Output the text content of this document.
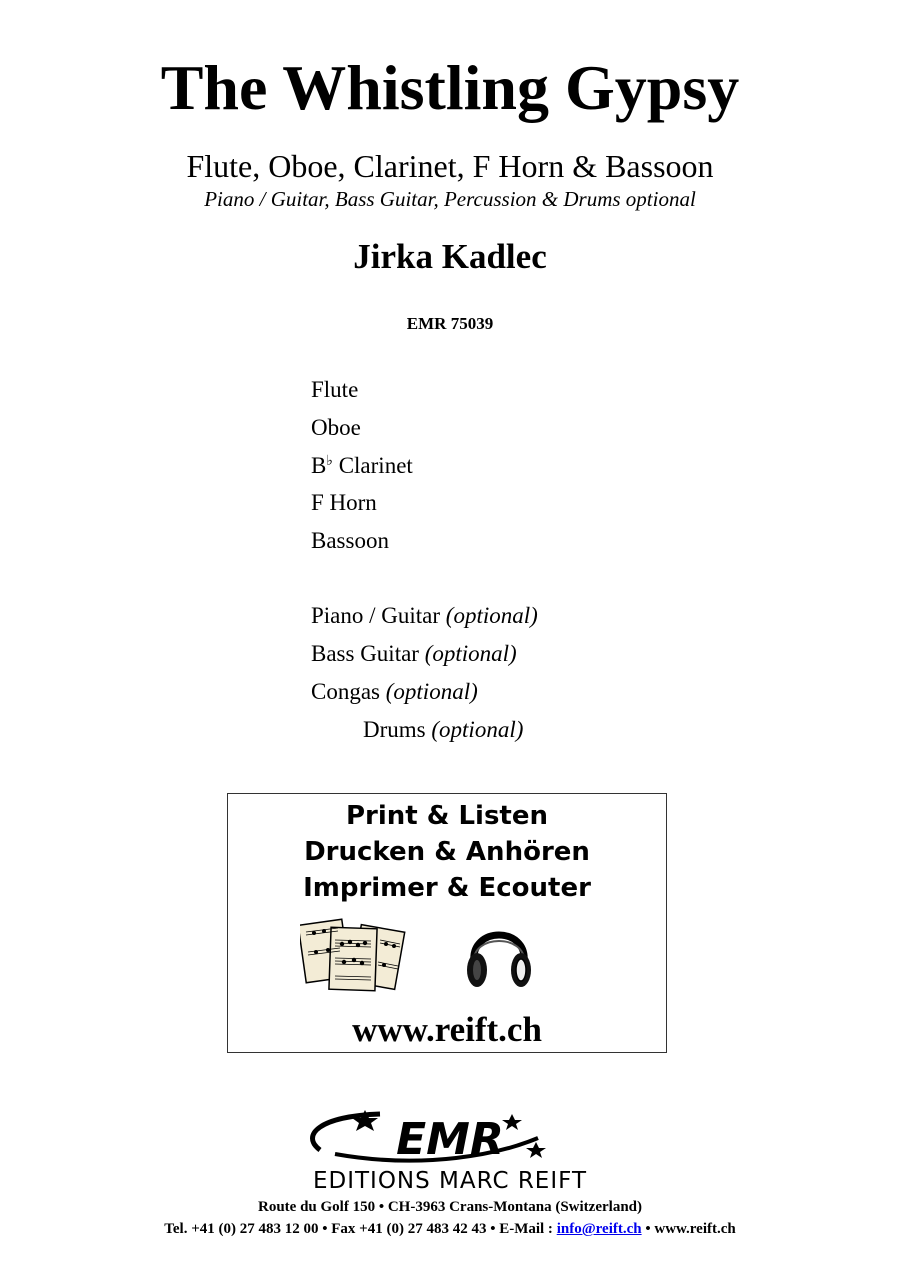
The Whistling Gypsy
Flute, Oboe, Clarinet, F Horn & Bassoon
Piano / Guitar, Bass Guitar, Percussion & Drums optional
Jirka Kadlec
EMR 75039
Flute
Oboe
B♭ Clarinet
F Horn
Bassoon
Piano / Guitar (optional)
Bass Guitar (optional)
Congas (optional)
Drums (optional)
Print & Listen
Drucken & Anhören
Imprimer & Ecouter
www.reift.ch
EMR
EDITIONS MARC REIFT
Route du Golf 150 • CH-3963 Crans-Montana (Switzerland)
Tel. +41 (0) 27 483 12 00 • Fax +41 (0) 27 483 42 43 • E-Mail : info@reift.ch • www.reift.ch
